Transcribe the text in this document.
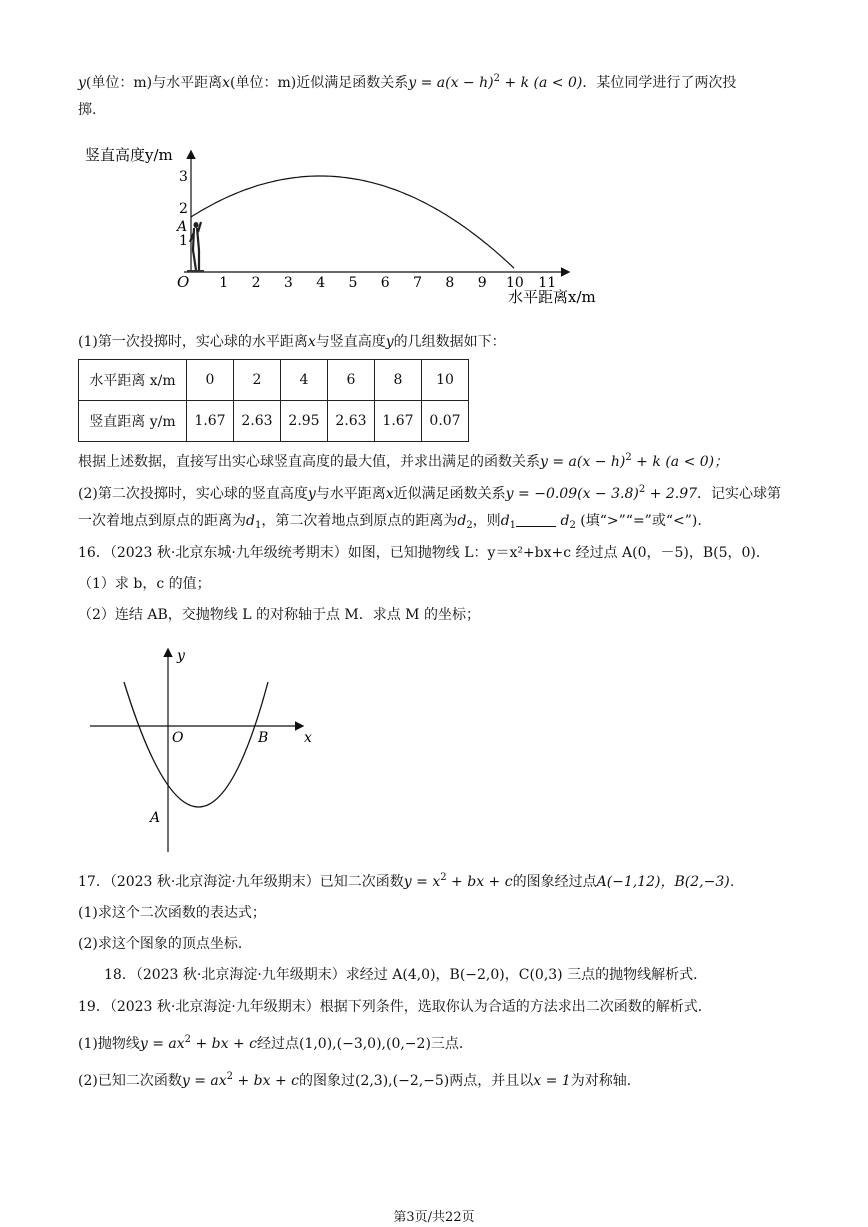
y(单位：m)与水平距离x(单位：m)近似满足函数关系$y = a(x - h)^2 + k$ (a < 0)．某位同学进行了两次投
掷.
竖直高度y/m
O
1
2
3
1 2 3 4 5 6 7 8 9 10 11
A
水平距离x/m
(1)第一次投掷时，实心球的水平距离x与竖直高度y的几组数据如下：
水平距离 x/m	0	2	4	6	8	10
竖直距离 y/m	1.67	2.63	2.95	2.63	1.67	0.07
根据上述数据，直接写出实心球竖直高度的最大值，并求出满足的函数关系$y = a(x - h)^2 + k$ (a < 0)；
(2)第二次投掷时，实心球的竖直高度y与水平距离x近似满足函数关系$y = -0.09(x - 3.8)^2 + 2.97$．记实心球第
一次着地点到原点的距离为$d_1$，第二次着地点到原点的距离为$d_2$，则$d_1$	$d_2$ (填“>”“=”或“<”).
16．（2023 秋·北京东城·九年级统考期末）如图，已知抛物线 L：y＝x²+bx+c 经过点 A(0，－5)，B(5，0)．
（1）求 b，c 的值；
（2）连结 AB，交抛物线 L 的对称轴于点 M．求点 M 的坐标；
y
x
O	B
A
17．（2023 秋·北京海淀·九年级期末）已知二次函数$y = x^2$ + bx + c的图象经过点A(−1,12)，B(2,−3)．
(1)求这个二次函数的表达式；
(2)求这个图象的顶点坐标．
18．（2023 秋·北京海淀·九年级期末）求经过 A(4,0)，B(−2,0)，C(0,3) 三点的抛物线解析式．
19．（2023 秋·北京海淀·九年级期末）根据下列条件，选取你认为合适的方法求出二次函数的解析式．
(1)抛物线$y = ax^2$ + bx + c经过点(1,0),(−3,0),(0,−2)三点．
(2)已知二次函数$y = ax^2$ + bx + c的图象过(2,3),(−2,−5)两点，并且以x = 1为对称轴．
第3页/共22页
